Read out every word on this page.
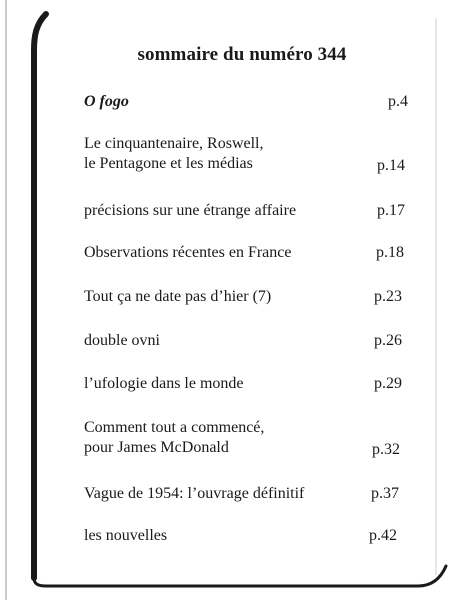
sommaire du numéro 344
O fogo	p.4
Le cinquantenaire, Roswell,
le Pentagone et les médias	p.14
précisions sur une étrange affaire	p.17
Observations récentes en France	p.18
Tout ça ne date pas d’hier (7)	p.23
double ovni	p.26
l’ufologie dans le monde	p.29
Comment tout a commencé,
pour James McDonald	p.32
Vague de 1954: l’ouvrage définitif	p.37
les nouvelles	p.42
